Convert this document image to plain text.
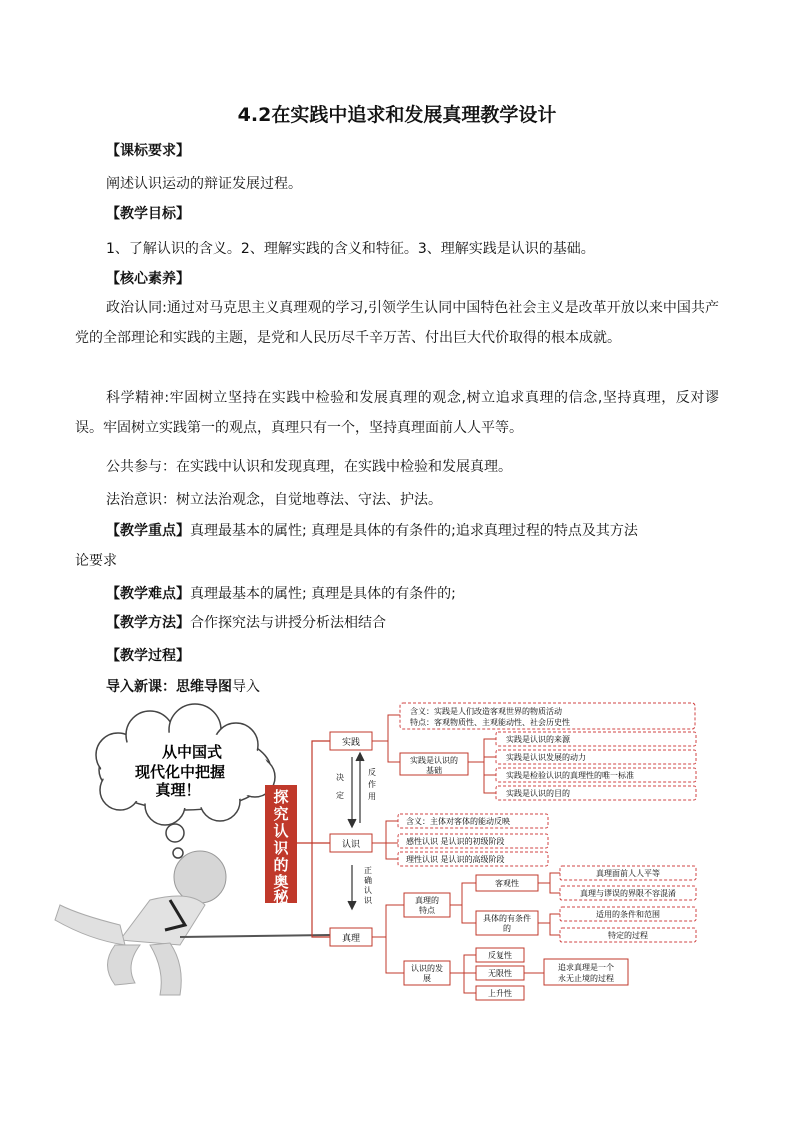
4.2在实践中追求和发展真理教学设计
【课标要求】
阐述认识运动的辩证发展过程。
【教学目标】
1、了解认识的含义。2、理解实践的含义和特征。3、理解实践是认识的基础。
【核心素养】
政治认同:通过对马克思主义真理观的学习,引领学生认同中国特色社会主义是改革开放以来中国共产党的全部理论和实践的主题，是党和人民历尽千辛万苦、付出巨大代价取得的根本成就。
科学精神:牢固树立坚持在实践中检验和发展真理的观念,树立追求真理的信念,坚持真理，反对谬误。牢固树立实践第一的观点，真理只有一个，坚持真理面前人人平等。
公共参与：在实践中认识和发现真理，在实践中检验和发展真理。
法治意识：树立法治观念，自觉地尊法、守法、护法。
【教学重点】真理最基本的属性; 真理是具体的有条件的;追求真理过程的特点及其方法
论要求
【教学难点】真理最基本的属性; 真理是具体的有条件的;
【教学方法】合作探究法与讲授分析法相结合
【教学过程】
导入新课：思维导图导入
从中国式
现代化中把握
真理！	探
究
认
识
的
奥
秘
实践
认识
真理
决
定
反
作
用
正
确
认
识
含义：实践是人们改造客观世界的物质活动
特点：客观物质性、主观能动性、社会历史性
实践是认识的
基础
实践是认识的来源
实践是认识发展的动力
实践是检验认识的真理性的唯一标准
实践是认识的目的
含义：主体对客体的能动反映
感性认识 是认识的初级阶段
理性认识 是认识的高级阶段
真理的
特点
客观性
具体的有条件
的
真理面前人人平等
真理与谬误的界限不容混淆
适用的条件和范围
特定的过程
认识的发
展
反复性
无限性
上升性
追求真理是一个
永无止境的过程
